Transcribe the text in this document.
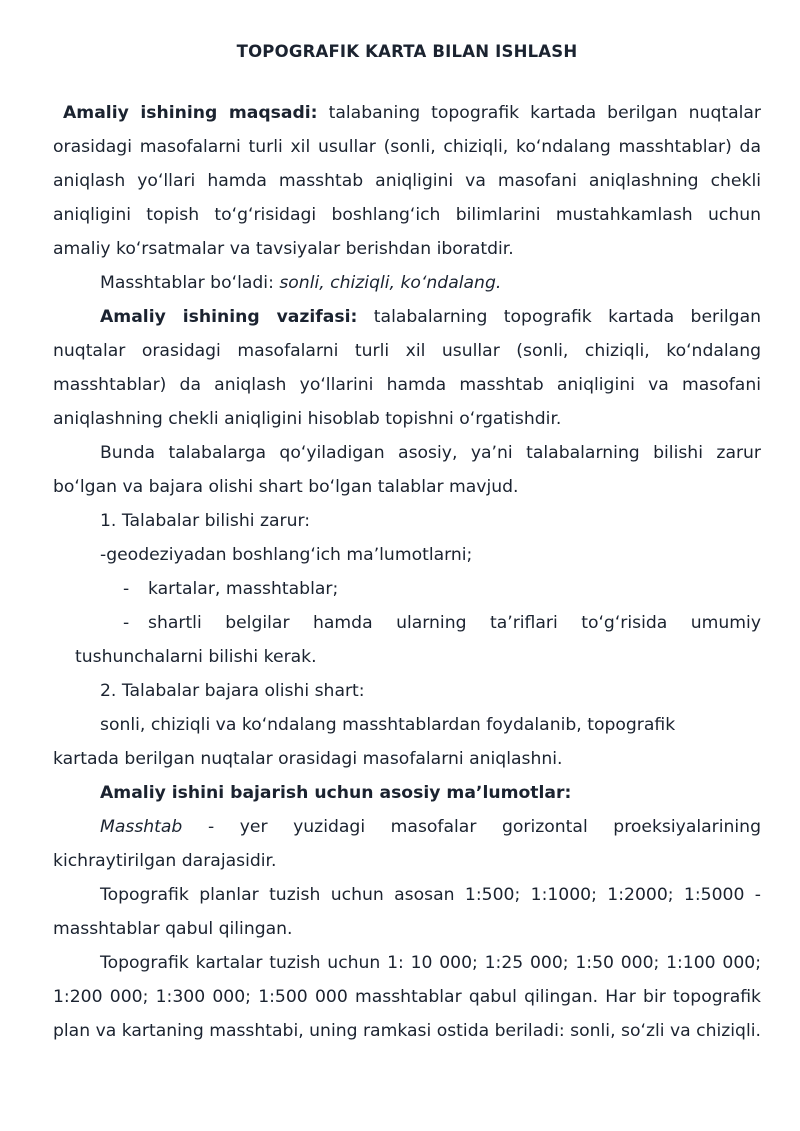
TOPOGRAFIK KARTA BILAN ISHLASH

Amaliy ishining maqsadi: talabaning topografik kartada berilgan nuqtalar orasidagi masofalarni turli xil usullar (sonli, chiziqli, koʻndalang masshtablar) da aniqlash yoʻllari hamda masshtab aniqligini va masofani aniqlashning chekli aniqligini topish toʻgʻrisidagi boshlangʻich bilimlarini mustahkamlash uchun amaliy koʻrsatmalar va tavsiyalar berishdan iboratdir.

Masshtablar boʻladi: sonli, chiziqli, koʻndalang.

Amaliy ishining vazifasi: talabalarning topografik kartada berilgan nuqtalar orasidagi masofalarni turli xil usullar (sonli, chiziqli, koʻndalang masshtablar) da aniqlash yoʻllarini hamda masshtab aniqligini va masofani aniqlashning chekli aniqligini hisoblab topishni oʻrgatishdir.

Bunda talabalarga qoʻyiladigan asosiy, yaʼni talabalarning bilishi zarur boʻlgan va bajara olishi shart boʻlgan talablar mavjud.

1. Talabalar bilishi zarur:

-geodeziyadan boshlangʻich maʼlumotlarni;

-	kartalar, masshtablar;

-	shartli belgilar hamda ularning taʼriflari toʻgʻrisida umumiy

tushunchalarni bilishi kerak.

2. Talabalar bajara olishi shart:

sonli, chiziqli va koʻndalang masshtablardan foydalanib, topografik

kartada berilgan nuqtalar orasidagi masofalarni aniqlashni.

Amaliy ishini bajarish uchun asosiy maʼlumotlar:

Masshtab - yer yuzidagi masofalar gorizontal proeksiyalarining kichraytirilgan darajasidir.

Topografik planlar tuzish uchun asosan 1:500; 1:1000; 1:2000; 1:5000 - masshtablar qabul qilingan.

Topografik kartalar tuzish uchun 1: 10 000; 1:25 000; 1:50 000; 1:100 000; 1:200 000; 1:300 000; 1:500 000 masshtablar qabul qilingan. Har bir topografik plan va kartaning masshtabi, uning ramkasi ostida beriladi: sonli, soʻzli va chiziqli.
